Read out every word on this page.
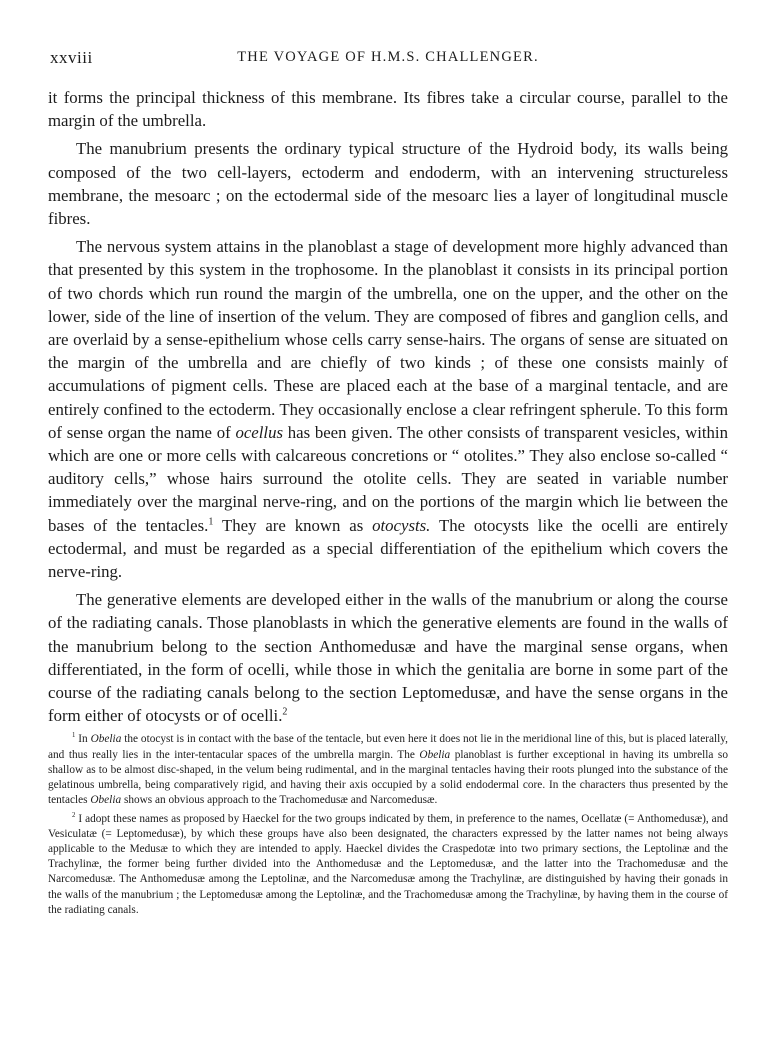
xxviii	THE VOYAGE OF H.M.S. CHALLENGER.

it forms the principal thickness of this membrane. Its fibres take a circular course, parallel to the margin of the umbrella.

The manubrium presents the ordinary typical structure of the Hydroid body, its walls being composed of the two cell-layers, ectoderm and endoderm, with an intervening structureless membrane, the mesoarc ; on the ectodermal side of the mesoarc lies a layer of longitudinal muscle fibres.

The nervous system attains in the planoblast a stage of development more highly advanced than that presented by this system in the trophosome. In the planoblast it consists in its principal portion of two chords which run round the margin of the umbrella, one on the upper, and the other on the lower, side of the line of insertion of the velum. They are composed of fibres and ganglion cells, and are overlaid by a sense-epithelium whose cells carry sense-hairs. The organs of sense are situated on the margin of the umbrella and are chiefly of two kinds ; of these one consists mainly of accumulations of pigment cells. These are placed each at the base of a marginal tentacle, and are entirely confined to the ectoderm. They occasionally enclose a clear refringent spherule. To this form of sense organ the name of ocellus has been given. The other consists of transparent vesicles, within which are one or more cells with calcareous concretions or “ otolites.” They also enclose so-called “ auditory cells,” whose hairs surround the otolite cells. They are seated in variable number immediately over the marginal nerve-ring, and on the portions of the margin which lie between the bases of the tentacles.$^1$ They are known as otocysts. The otocysts like the ocelli are entirely ectodermal, and must be regarded as a special differentiation of the epithelium which covers the nerve-ring.

The generative elements are developed either in the walls of the manubrium or along the course of the radiating canals. Those planoblasts in which the generative elements are found in the walls of the manubrium belong to the section Anthomedusæ and have the marginal sense organs, when differentiated, in the form of ocelli, while those in which the genitalia are borne in some part of the course of the radiating canals belong to the section Leptomedusæ, and have the sense organs in the form either of otocysts or of ocelli.$^2$

$^1$ In Obelia the otocyst is in contact with the base of the tentacle, but even here it does not lie in the meridional line of this, but is placed laterally, and thus really lies in the inter-tentacular spaces of the umbrella margin. The Obelia planoblast is further exceptional in having its umbrella so shallow as to be almost disc-shaped, in the velum being rudimental, and in the marginal tentacles having their roots plunged into the substance of the gelatinous umbrella, being comparatively rigid, and having their axis occupied by a solid endodermal core. In the characters thus presented by the tentacles Obelia shows an obvious approach to the Trachomedusæ and Narcomedusæ.

$^2$ I adopt these names as proposed by Haeckel for the two groups indicated by them, in preference to the names, Ocellatæ (= Anthomedusæ), and Vesiculatæ (= Leptomedusæ), by which these groups have also been designated, the characters expressed by the latter names not being always applicable to the Medusæ to which they are intended to apply. Haeckel divides the Craspedotæ into two primary sections, the Leptolinæ and the Trachylinæ, the former being further divided into the Anthomedusæ and the Leptomedusæ, and the latter into the Trachomedusæ and the Narcomedusæ. The Anthomedusæ among the Leptolinæ, and the Narcomedusæ among the Trachylinæ, are distinguished by having their gonads in the walls of the manubrium ; the Leptomedusæ among the Leptolinæ, and the Trachomedusæ among the Trachylinæ, by having them in the course of the radiating canals.
